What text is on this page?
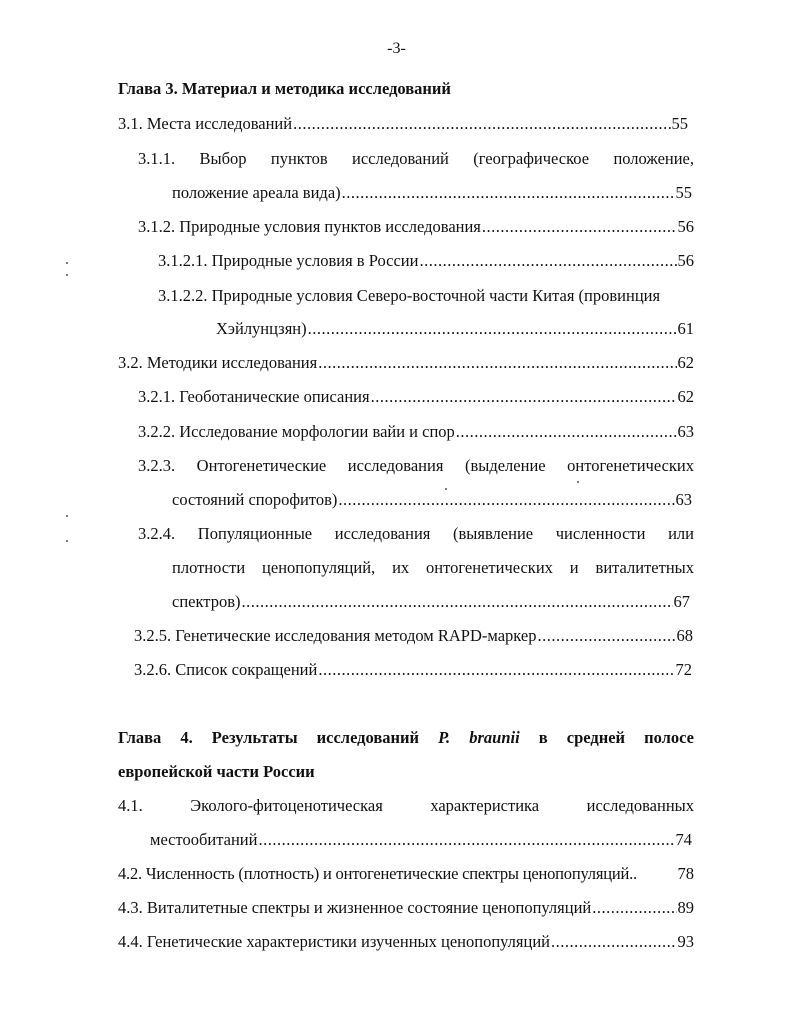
-3-
Глава 3. Материал и методика исследований
3.1. Места исследований .....	55
3.1.1. Выбор пунктов исследований (географическое положение,
положение ареала вида) .....	55
3.1.2. Природные условия пунктов исследования .....	56
3.1.2.1. Природные условия в России .....	56
3.1.2.2. Природные условия Северо-восточной части Китая (провинция
Хэйлунцзян) .....	61
3.2. Методики исследования .....	62
3.2.1. Геоботанические описания .....	62
3.2.2. Исследование морфологии вайи и спор .....	63
3.2.3. Онтогенетические исследования (выделение онтогенетических
состояний спорофитов) .....	63
3.2.4. Популяционные исследования (выявление численности или
плотности ценопопуляций, их онтогенетических и виталитетных
спектров) .....	67
3.2.5. Генетические исследования методом RAPD-маркер .....	68
3.2.6. Список сокращений .....	72
Глава 4. Результаты исследований P. braunii в средней полосе
европейской части России
4.1. Эколого-фитоценотическая характеристика исследованных
местообитаний .....	74
4.2. Численность (плотность) и онтогенетические спектры ценопопуляций.. 78
4.3. Виталитетные спектры и жизненное состояние ценопопуляций .....	89
4.4. Генетические характеристики изученных ценопопуляций .....	93
